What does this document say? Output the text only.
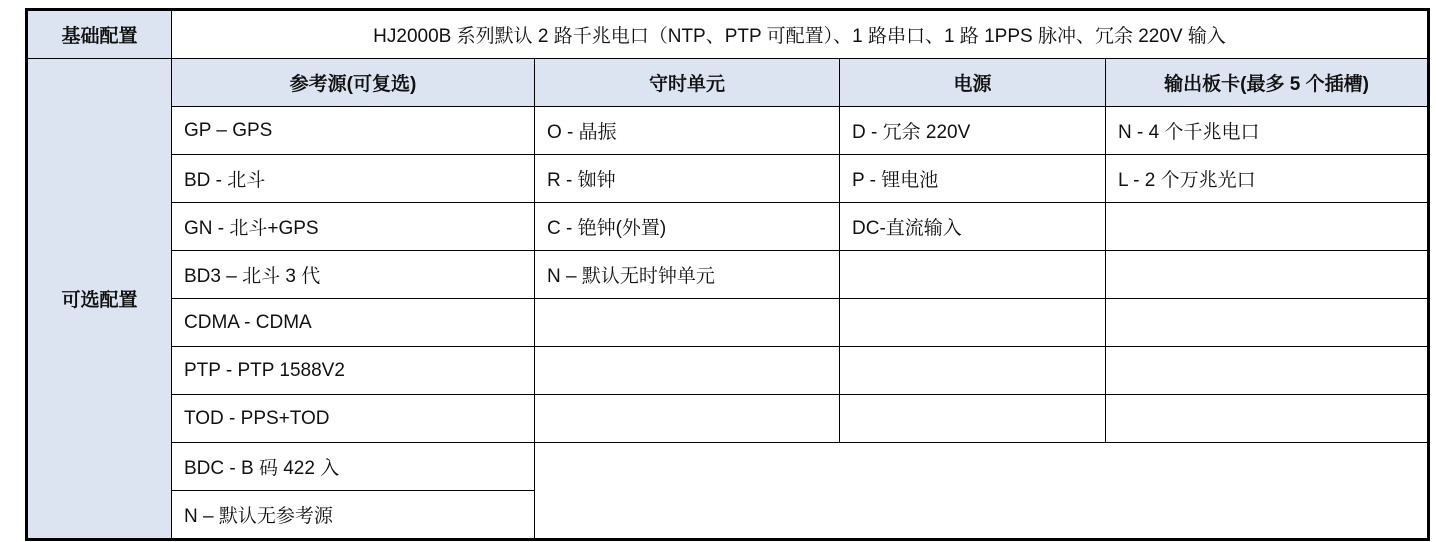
基础配置	HJ2000B 系列默认 2 路千兆电口（NTP、PTP 可配置）、1 路串口、1 路 1PPS 脉冲、冗余 220V 输入			
可选配置	参考源(可复选)	守时单元	电源	输出板卡(最多 5 个插槽)
	GP – GPS	O - 晶振	D - 冗余 220V	N - 4 个千兆电口
	BD - 北斗	R - 铷钟	P - 锂电池	L - 2 个万兆光口
	GN - 北斗+GPS	C - 铯钟(外置)	DC-直流输入	
	BD3 – 北斗 3 代	N – 默认无时钟单元		
	CDMA - CDMA			
	PTP - PTP 1588V2			
	TOD - PPS+TOD			
	BDC - B 码 422 入			
	N – 默认无参考源			
